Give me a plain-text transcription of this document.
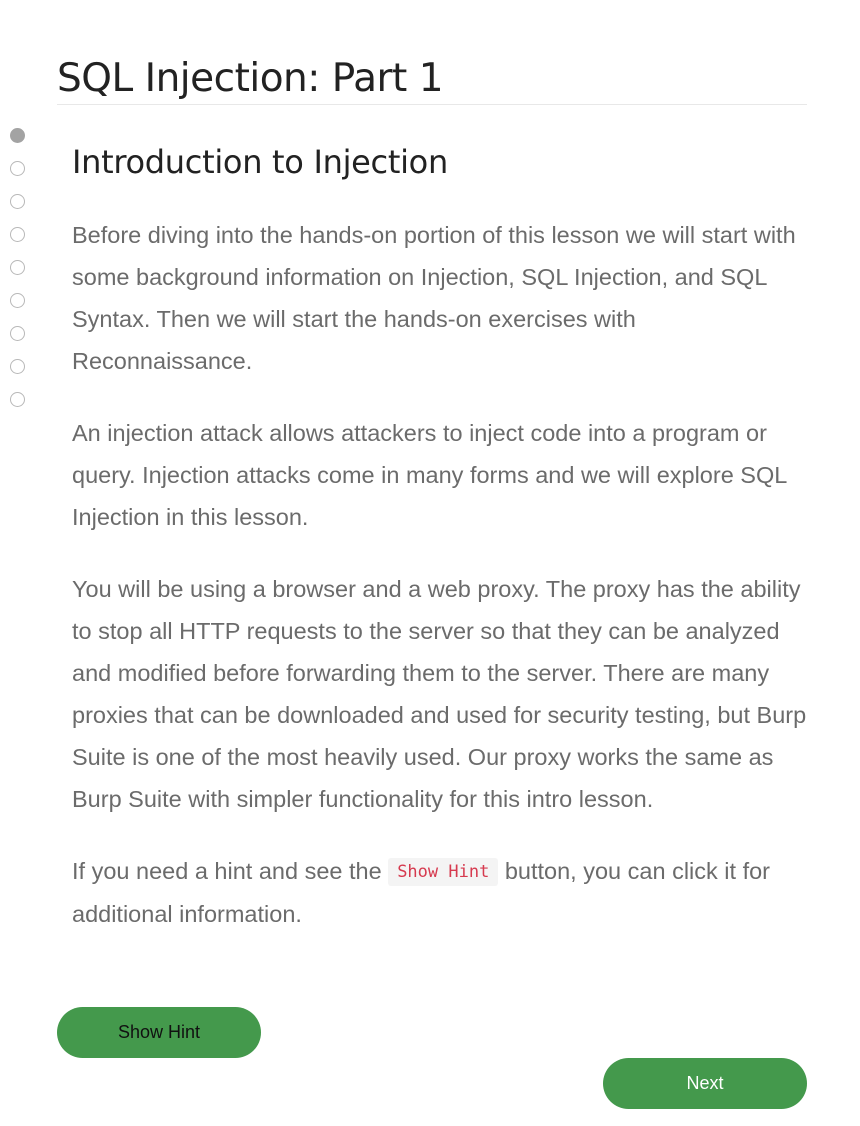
SQL Injection: Part 1
Introduction to Injection

Before diving into the hands-on portion of this lesson we will start with some background information on Injection, SQL Injection, and SQL Syntax. Then we will start the hands-on exercises with Reconnaissance.

An injection attack allows attackers to inject code into a program or query. Injection attacks come in many forms and we will explore SQL Injection in this lesson.

You will be using a browser and a web proxy. The proxy has the ability to stop all HTTP requests to the server so that they can be analyzed and modified before forwarding them to the server. There are many proxies that can be downloaded and used for security testing, but Burp Suite is one of the most heavily used. Our proxy works the same as Burp Suite with simpler functionality for this intro lesson.

If you need a hint and see the Show Hint button, you can click it for additional information.

Show Hint
Next
